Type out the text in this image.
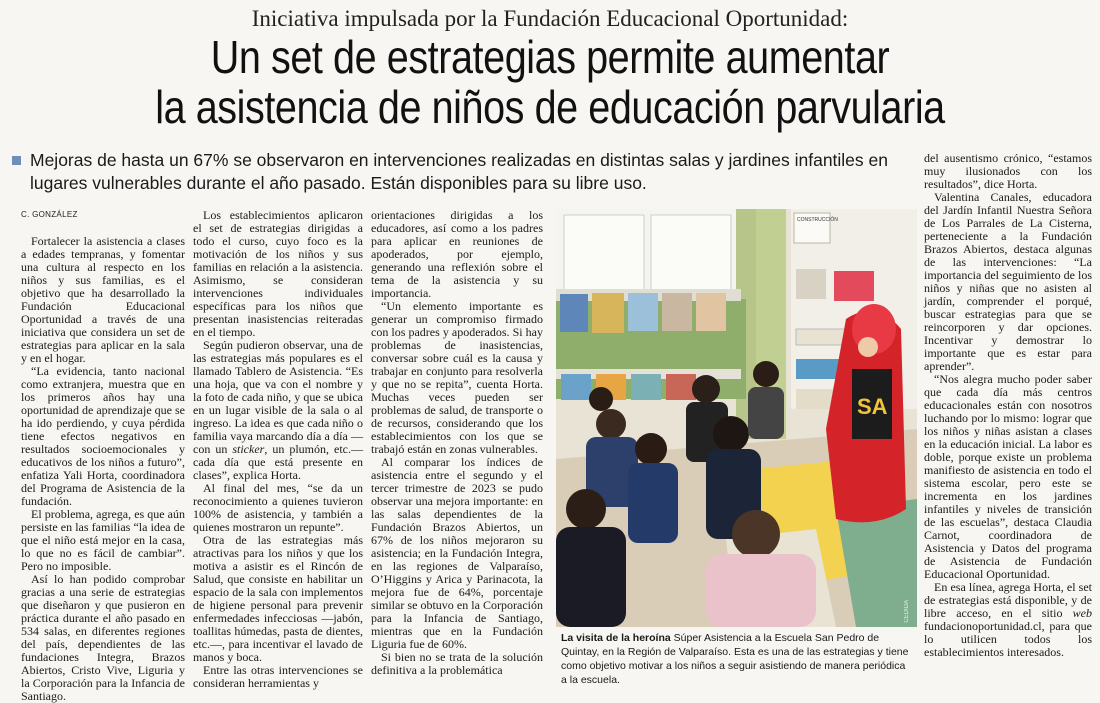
Iniciativa impulsada por la Fundación Educacional Oportunidad:
Un set de estrategias permite aumentar
la asistencia de niños de educación parvularia
Mejoras de hasta un 67% se observaron en intervenciones realizadas en distintas salas y jardines infantiles en lugares vulnerables durante el año pasado. Están disponibles para su libre uso.
C. GONZÁLEZ

Fortalecer la asistencia a clases a edades tempranas, y fomentar una cultura al respecto en los niños y sus familias, es el objetivo que ha desarrollado la Fundación Educacional Oportunidad a través de una iniciativa que considera un set de estrategias para aplicar en la sala y en el hogar.

“La evidencia, tanto nacional como extranjera, muestra que en los primeros años hay una oportunidad de aprendizaje que se ha ido perdiendo, y cuya pérdida tiene efectos negativos en resultados socioemocionales y educativos de los niños a futuro”, enfatiza Yali Horta, coordinadora del Programa de Asistencia de la fundación.

El problema, agrega, es que aún persiste en las familias “la idea de que el niño está mejor en la casa, lo que no es fácil de cambiar”. Pero no imposible.

Así lo han podido comprobar gracias a una serie de estrategias que diseñaron y que pusieron en práctica durante el año pasado en 534 salas, en diferentes regiones del país, dependientes de las fundaciones Integra, Brazos Abiertos, Cristo Vive, Liguria y la Corporación para la Infancia de Santiago.

Los establecimientos aplicaron el set de estrategias dirigidas a todo el curso, cuyo foco es la motivación de los niños y sus familias en relación a la asistencia. Asimismo, se consideran intervenciones individuales específicas para los niños que presentan inasistencias reiteradas en el tiempo.

Según pudieron observar, una de las estrategias más populares es el llamado Tablero de Asistencia. “Es una hoja, que va con el nombre y la foto de cada niño, y que se ubica en un lugar visible de la sala o al ingreso. La idea es que cada niño o familia vaya marcando día a día —con un sticker, un plumón, etc.— cada día que está presente en clases”, explica Horta.

Al final del mes, “se da un reconocimiento a quienes tuvieron 100% de asistencia, y también a quienes mostraron un repunte”.

Otra de las estrategias más atractivas para los niños y que los motiva a asistir es el Rincón de Salud, que consiste en habilitar un espacio de la sala con implementos de higiene personal para prevenir enfermedades infecciosas —jabón, toallitas húmedas, pasta de dientes, etc.—, para incentivar el lavado de manos y boca.

Entre las otras intervenciones se consideran herramientas y

orientaciones dirigidas a los educadores, así como a los padres para aplicar en reuniones de apoderados, por ejemplo, generando una reflexión sobre el tema de la asistencia y su importancia.

“Un elemento importante es generar un compromiso firmado con los padres y apoderados. Si hay problemas de inasistencias, conversar sobre cuál es la causa y trabajar en conjunto para resolverla y que no se repita”, cuenta Horta. Muchas veces pueden ser problemas de salud, de transporte o de recursos, considerando que los establecimientos con los que se trabajó están en zonas vulnerables.

Al comparar los índices de asistencia entre el segundo y el tercer trimestre de 2023 se pudo observar una mejora importante: en las salas dependientes de la Fundación Brazos Abiertos, un 67% de los niños mejoraron su asistencia; en la Fundación Integra, en las regiones de Valparaíso, O’Higgins y Arica y Parinacota, la mejora fue de 64%, porcentaje similar se obtuvo en la Corporación para la Infancia de Santiago, mientras que en la Fundación Liguria fue de 60%.

Si bien no se trata de la solución definitiva a la problemática

CONSTRUCCIÓN
SA
CEDIDA
La visita de la heroína Súper Asistencia a la Escuela San Pedro de Quintay, en la Región de Valparaíso. Esta es una de las estrategias y tiene como objetivo motivar a los niños a seguir asistiendo de manera periódica a la escuela.

del ausentismo crónico, “estamos muy ilusionados con los resultados”, dice Horta.

Valentina Canales, educadora del Jardín Infantil Nuestra Señora de Los Parrales de La Cisterna, perteneciente a la Fundación Brazos Abiertos, destaca algunas de las intervenciones: “La importancia del seguimiento de los niños y niñas que no asisten al jardín, comprender el porqué, buscar estrategias para que se reincorporen y dar opciones. Incentivar y demostrar lo importante que es estar para aprender”.

“Nos alegra mucho poder saber que cada día más centros educacionales están con nosotros luchando por lo mismo: lograr que los niños y niñas asistan a clases en la educación inicial. La labor es doble, porque existe un problema manifiesto de asistencia en todo el sistema escolar, pero este se incrementa en los jardines infantiles y niveles de transición de las escuelas”, destaca Claudia Carnot, coordinadora de Asistencia y Datos del programa de Asistencia de Fundación Educacional Oportunidad.

En esa línea, agrega Horta, el set de estrategias está disponible, y de libre acceso, en el sitio web fundacionoportunidad.cl, para que lo utilicen todos los establecimientos interesados.
